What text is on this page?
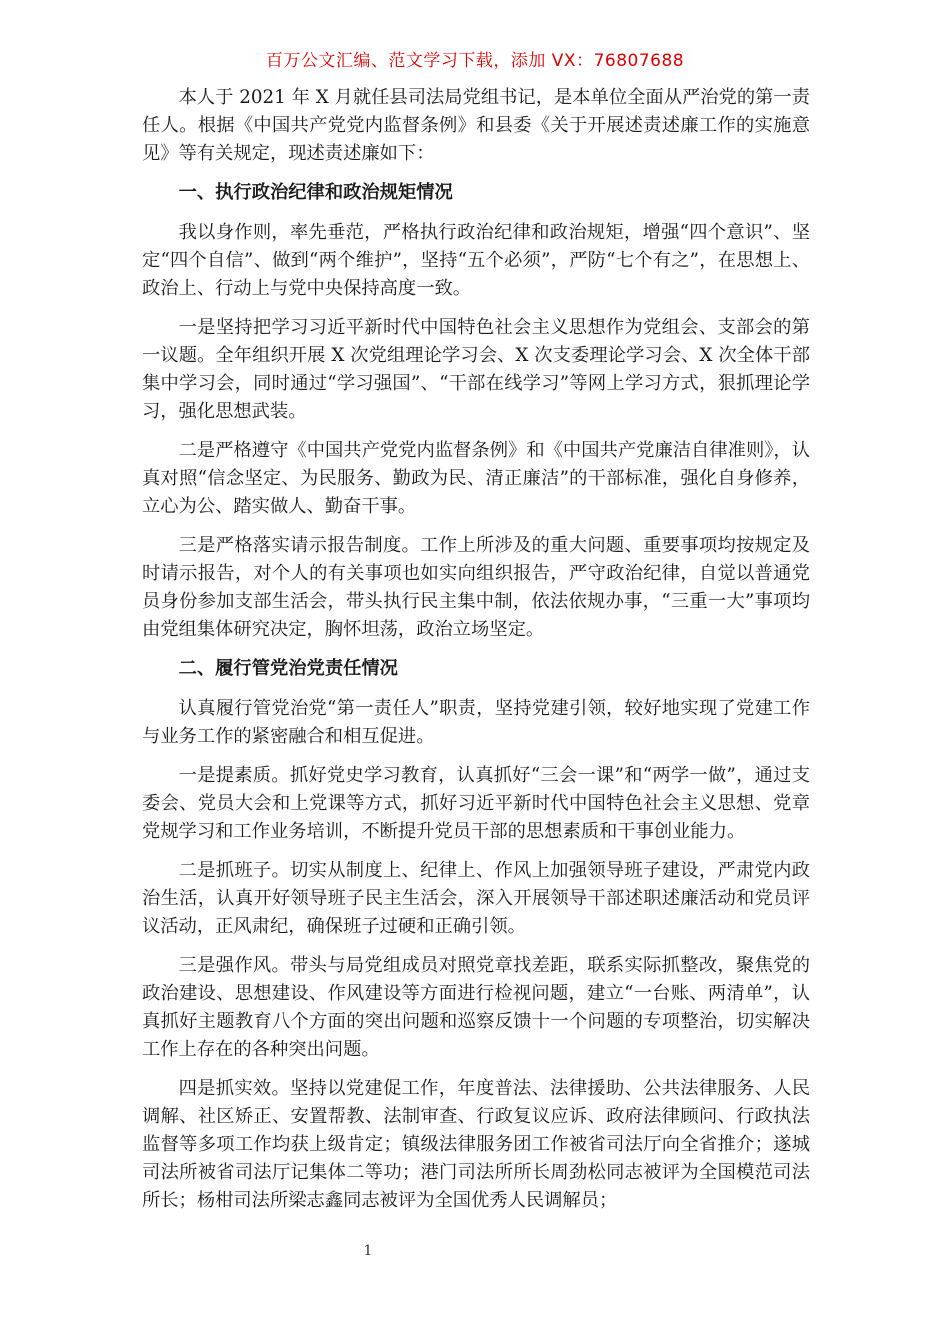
百万公文汇编、范文学习下载，添加 VX：76807688

本人于 2021 年 X 月就任县司法局党组书记，是本单位全面从严治党的第一责任人。根据《中国共产党党内监督条例》和县委《关于开展述责述廉工作的实施意见》等有关规定，现述责述廉如下：

一、执行政治纪律和政治规矩情况

我以身作则，率先垂范，严格执行政治纪律和政治规矩，增强“四个意识”、坚定“四个自信”、做到“两个维护”，坚持“五个必须”，严防“七个有之”，在思想上、政治上、行动上与党中央保持高度一致。

一是坚持把学习习近平新时代中国特色社会主义思想作为党组会、支部会的第一议题。全年组织开展 X 次党组理论学习会、X 次支委理论学习会、X 次全体干部集中学习会，同时通过“学习强国”、“干部在线学习”等网上学习方式，狠抓理论学习，强化思想武装。

二是严格遵守《中国共产党党内监督条例》和《中国共产党廉洁自律准则》，认真对照“信念坚定、为民服务、勤政为民、清正廉洁”的干部标准，强化自身修养，立心为公、踏实做人、勤奋干事。

三是严格落实请示报告制度。工作上所涉及的重大问题、重要事项均按规定及时请示报告，对个人的有关事项也如实向组织报告，严守政治纪律，自觉以普通党员身份参加支部生活会，带头执行民主集中制，依法依规办事，“三重一大”事项均由党组集体研究决定，胸怀坦荡，政治立场坚定。

二、履行管党治党责任情况

认真履行管党治党“第一责任人”职责，坚持党建引领，较好地实现了党建工作与业务工作的紧密融合和相互促进。

一是提素质。抓好党史学习教育，认真抓好“三会一课”和“两学一做”，通过支委会、党员大会和上党课等方式，抓好习近平新时代中国特色社会主义思想、党章党规学习和工作业务培训，不断提升党员干部的思想素质和干事创业能力。

二是抓班子。切实从制度上、纪律上、作风上加强领导班子建设，严肃党内政治生活，认真开好领导班子民主生活会，深入开展领导干部述职述廉活动和党员评议活动，正风肃纪，确保班子过硬和正确引领。

三是强作风。带头与局党组成员对照党章找差距，联系实际抓整改，聚焦党的政治建设、思想建设、作风建设等方面进行检视问题，建立“一台账、两清单”，认真抓好主题教育八个方面的突出问题和巡察反馈十一个问题的专项整治，切实解决工作上存在的各种突出问题。

四是抓实效。坚持以党建促工作，年度普法、法律援助、公共法律服务、人民调解、社区矫正、安置帮教、法制审查、行政复议应诉、政府法律顾问、行政执法监督等多项工作均获上级肯定；镇级法律服务团工作被省司法厅向全省推介；遂城司法所被省司法厅记集体二等功；港门司法所所长周劲松同志被评为全国模范司法所长；杨柑司法所梁志鑫同志被评为全国优秀人民调解员；

1
